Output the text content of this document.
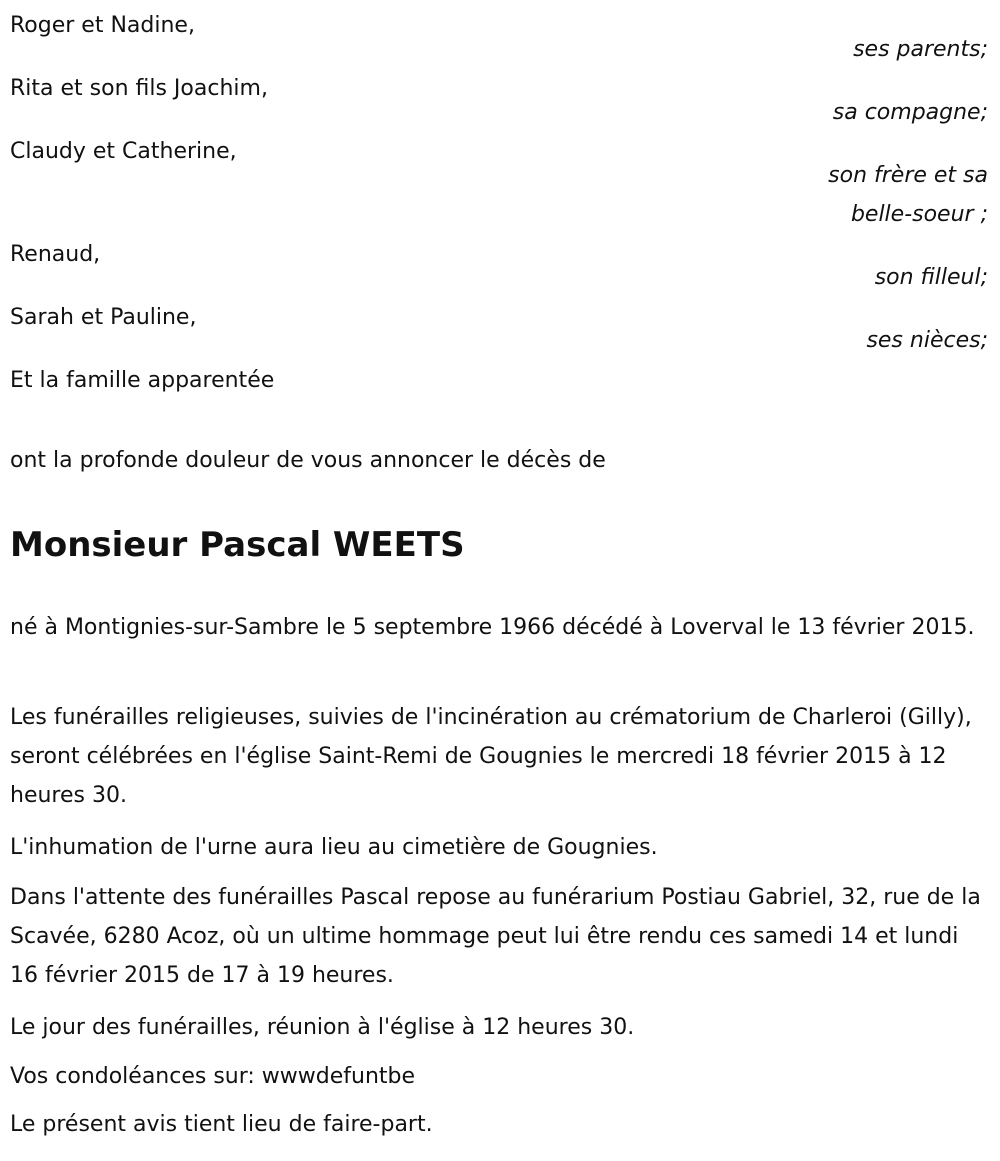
Roger et Nadine,
ses parents;
Rita et son fils Joachim,
sa compagne;
Claudy et Catherine,
son frère et sa
belle-soeur ;
Renaud,
son filleul;
Sarah et Pauline,
ses nièces;
Et la famille apparentée
ont la profonde douleur de vous annoncer le décès de
Monsieur Pascal WEETS
né à Montignies-sur-Sambre le 5 septembre 1966 décédé à Loverval le 13 février 2015.
Les funérailles religieuses, suivies de l'incinération au crématorium de Charleroi (Gilly), seront célébrées en l'église Saint-Remi de Gougnies le mercredi 18 février 2015 à 12 heures 30.
L'inhumation de l'urne aura lieu au cimetière de Gougnies.
Dans l'attente des funérailles Pascal repose au funérarium Postiau Gabriel, 32, rue de la Scavée, 6280 Acoz, où un ultime hommage peut lui être rendu ces samedi 14 et lundi 16 février 2015 de 17 à 19 heures.
Le jour des funérailles, réunion à l'église à 12 heures 30.
Vos condoléances sur: wwwdefuntbe
Le présent avis tient lieu de faire-part.
